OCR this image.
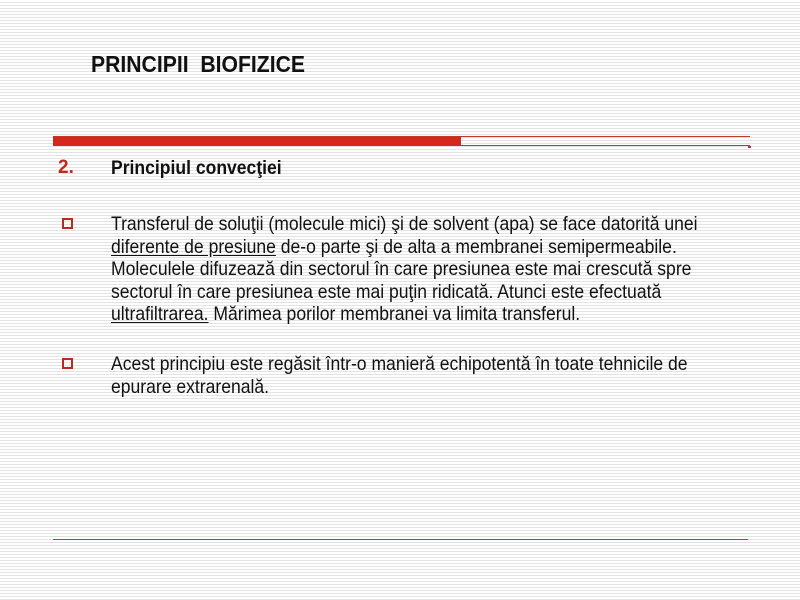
PRINCIPII  BIOFIZICE
2.	Principiul convecţiei
Transferul de soluţii (molecule mici) şi de solvent (apa) se face datorită unei diferente de presiune de-o parte şi de alta a membranei semipermeabile. Moleculele difuzează din sectorul în care presiunea este mai crescută spre sectorul în care presiunea este mai puţin ridicată. Atunci este efectuată ultrafiltrarea. Mărimea porilor membranei va limita transferul.
Acest principiu este regăsit într-o manieră echipotentă în toate tehnicile de epurare extrarenală.
